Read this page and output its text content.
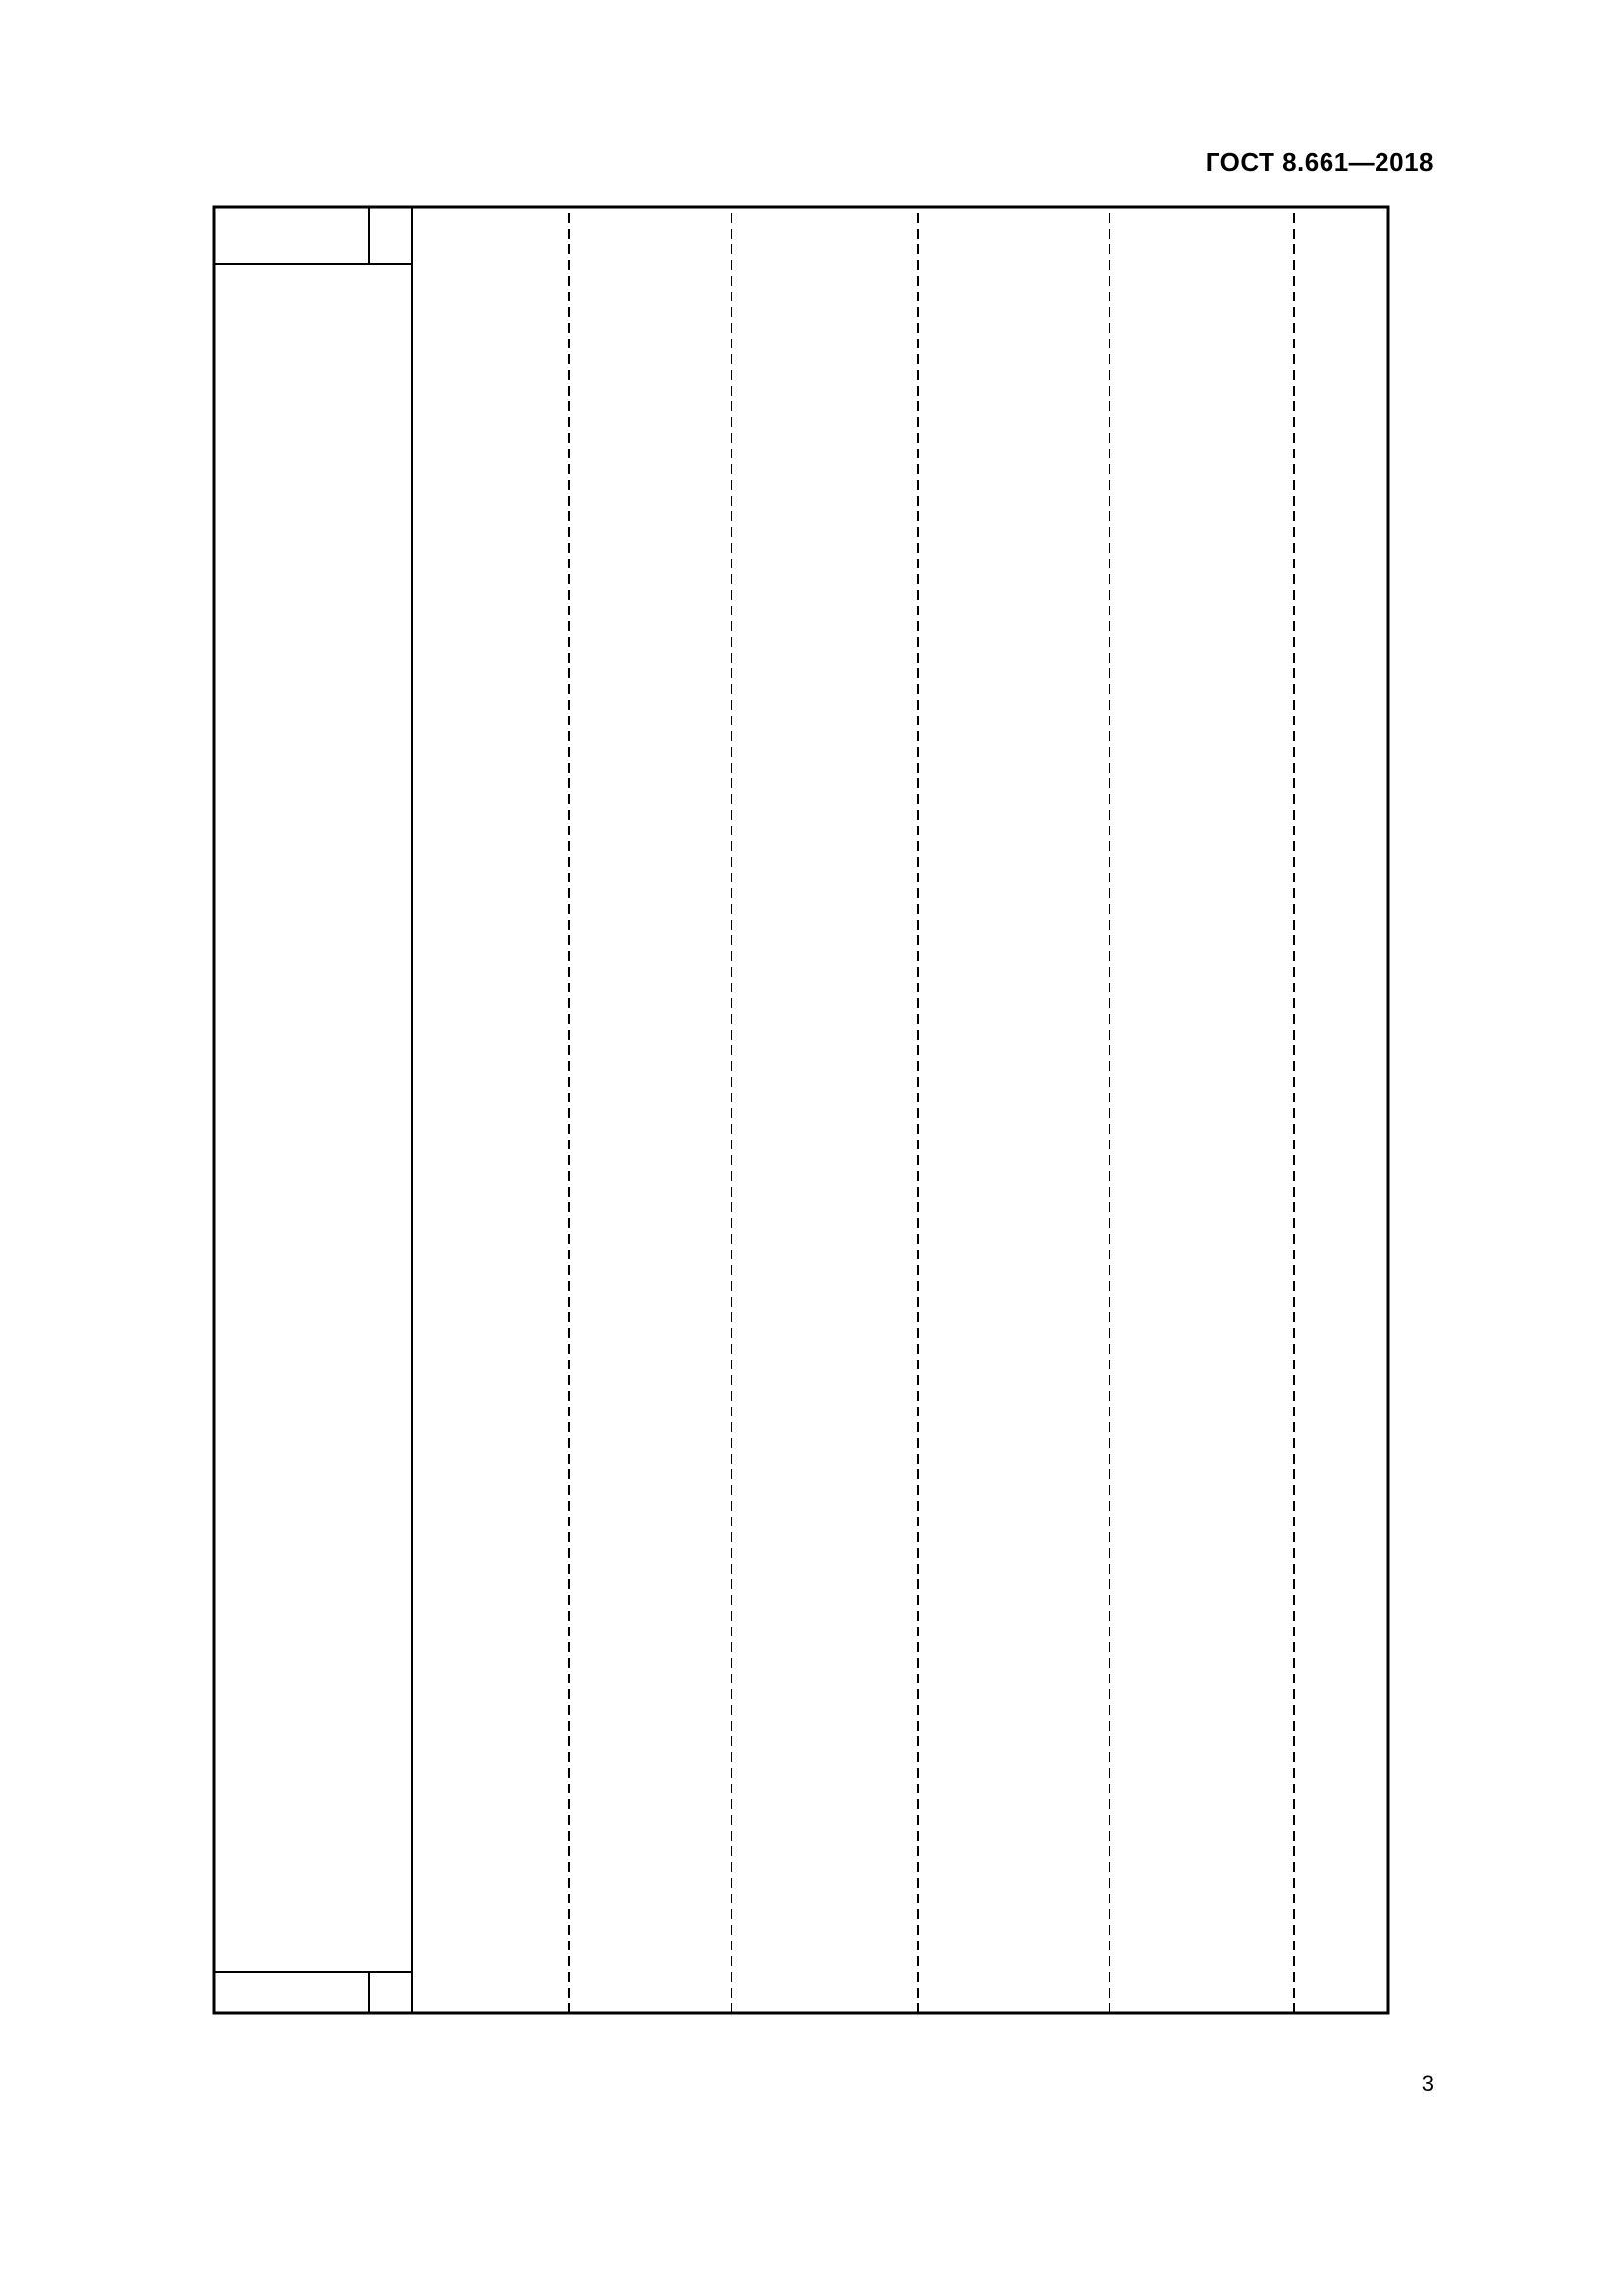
ГОСТ 8.661—2018
3
